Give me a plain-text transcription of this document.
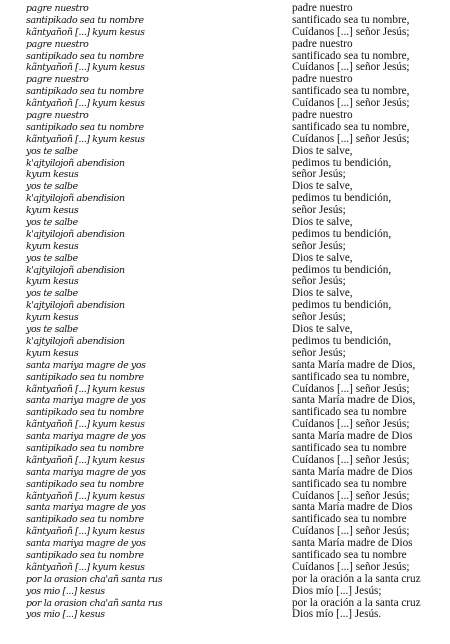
pagre nuestro	padre nuestro
santipikado sea tu nombre	santificado sea tu nombre,
kãntyañoñ [...] kyum kesus	Cuídanos [...] señor Jesús;
pagre nuestro	padre nuestro
santipikado sea tu nombre	santificado sea tu nombre,
kãntyañoñ [...] kyum kesus	Cuídanos [...] señor Jesús;
pagre nuestro	padre nuestro
santipikado sea tu nombre	santificado sea tu nombre,
kãntyañoñ [...] kyum kesus	Cuídanos [...] señor Jesús;
pagre nuestro	padre nuestro
santipikado sea tu nombre	santificado sea tu nombre,
kãntyañoñ [...] kyum kesus	Cuídanos [...] señor Jesús;
yos te salbe	Dios te salve,
k'ajtyilojoñ abendision	pedimos tu bendición,
kyum kesus	señor Jesús;
yos te salbe	Dios te salve,
k'ajtyilojoñ abendision	pedimos tu bendición,
kyum kesus	señor Jesús;
yos te salbe	Dios te salve,
k'ajtyilojoñ abendision	pedimos tu bendición,
kyum kesus	señor Jesús;
yos te salbe	Dios te salve,
k'ajtyilojoñ abendision	pedimos tu bendición,
kyum kesus	señor Jesús;
yos te salbe	Dios te salve,
k'ajtyilojoñ abendision	pedimos tu bendición,
kyum kesus	señor Jesús;
yos te salbe	Dios te salve,
k'ajtyilojoñ abendision	pedimos tu bendición,
kyum kesus	señor Jesús;
santa mariya magre de yos	santa María madre de Dios,
santipikado sea tu nombre	santificado sea tu nombre,
kãntyañoñ [...] kyum kesus	Cuídanos [...] señor Jesús;
santa mariya magre de yos	santa María madre de Dios,
santipikado sea tu nombre	santificado sea tu nombre
kãntyañoñ [...] kyum kesus	Cuídanos [...] señor Jesús;
santa mariya magre de yos	santa María madre de Dios
santipikado sea tu nombre	santificado sea tu nombre
kãntyañoñ [...] kyum kesus	Cuídanos [...] señor Jesús;
santa mariya magre de yos	santa María madre de Dios
santipikado sea tu nombre	santificado sea tu nombre
kãntyañoñ [...] kyum kesus	Cuídanos [...] señor Jesús;
santa mariya magre de yos	santa María madre de Dios
santipikado sea tu nombre	santificado sea tu nombre
kãntyañoñ [...] kyum kesus	Cuídanos [...] señor Jesús;
santa mariya magre de yos	santa María madre de Dios
santipikado sea tu nombre	santificado sea tu nombre
kãntyañoñ [...] kyum kesus	Cuídanos [...] señor Jesús;
por la orasion cha'añ santa rus	por la oración a la santa cruz
yos mio [...] kesus	Dios mío [...] Jesús;
por la orasion cha'añ santa rus	por la oración a la santa cruz
yos mio [...] kesus	Dios mío [...] Jesús.
